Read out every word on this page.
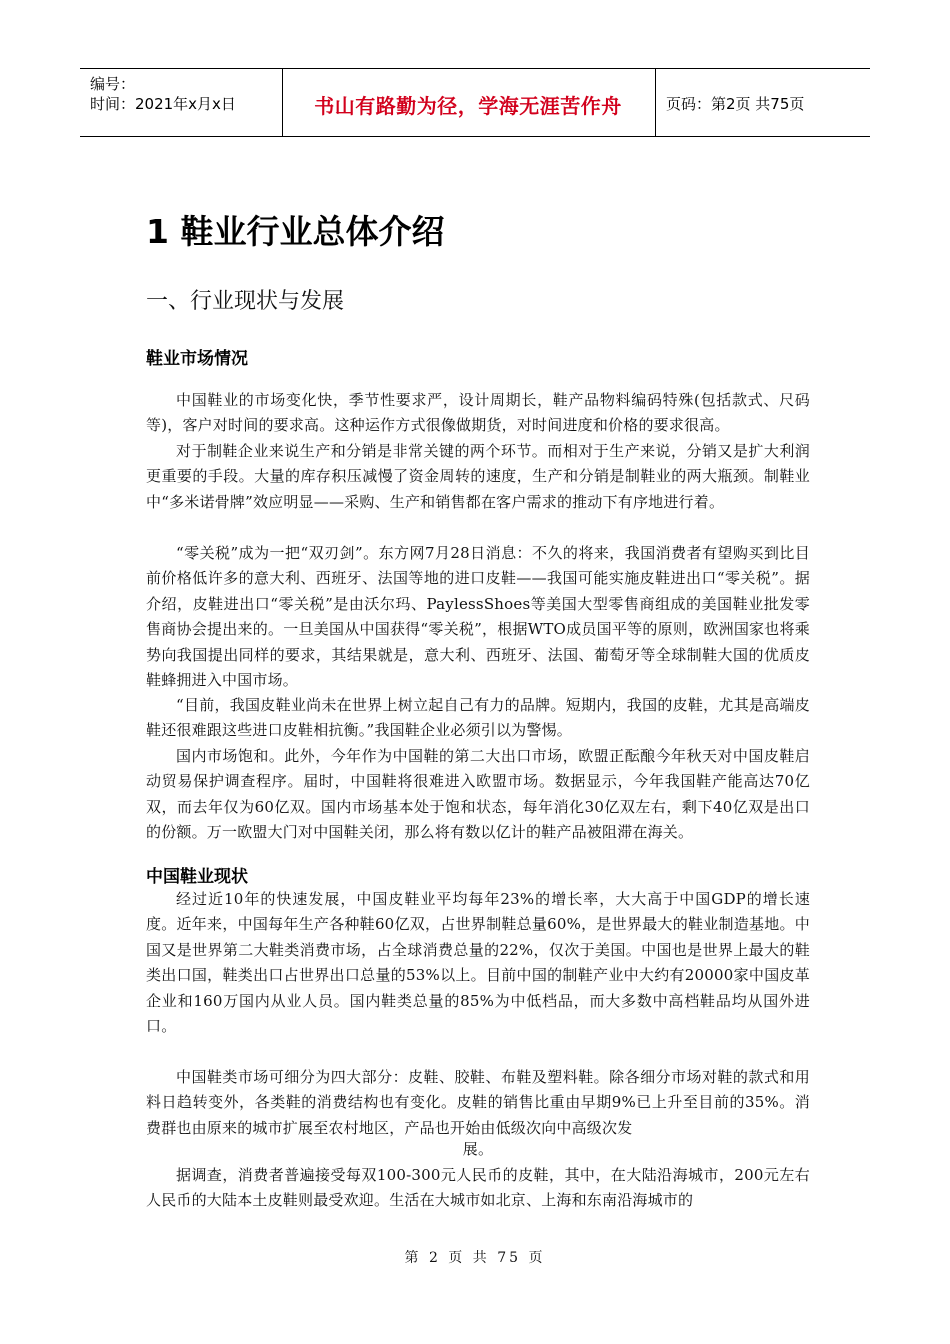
编号：
时间：2021年x月x日	书山有路勤为径，学海无涯苦作舟	页码：第2页 共75页
1 鞋业行业总体介绍
一、行业现状与发展
鞋业市场情况
中国鞋业的市场变化快，季节性要求严，设计周期长，鞋产品物料编码特殊(包括款式、尺码等)，客户对时间的要求高。这种运作方式很像做期货，对时间进度和价格的要求很高。
对于制鞋企业来说生产和分销是非常关键的两个环节。而相对于生产来说，分销又是扩大利润更重要的手段。大量的库存积压减慢了资金周转的速度，生产和分销是制鞋业的两大瓶颈。制鞋业中“多米诺骨牌”效应明显——采购、生产和销售都在客户需求的推动下有序地进行着。
“零关税”成为一把“双刃剑”。东方网7月28日消息：不久的将来，我国消费者有望购买到比目前价格低许多的意大利、西班牙、法国等地的进口皮鞋——我国可能实施皮鞋进出口“零关税”。据介绍，皮鞋进出口“零关税”是由沃尔玛、PaylessShoes等美国大型零售商组成的美国鞋业批发零售商协会提出来的。一旦美国从中国获得“零关税”，根据WTO成员国平等的原则，欧洲国家也将乘势向我国提出同样的要求，其结果就是，意大利、西班牙、法国、葡萄牙等全球制鞋大国的优质皮鞋蜂拥进入中国市场。
“目前，我国皮鞋业尚未在世界上树立起自己有力的品牌。短期内，我国的皮鞋，尤其是高端皮鞋还很难跟这些进口皮鞋相抗衡。”我国鞋企业必须引以为警惕。
国内市场饱和。此外，今年作为中国鞋的第二大出口市场，欧盟正酝酿今年秋天对中国皮鞋启动贸易保护调查程序。届时，中国鞋将很难进入欧盟市场。数据显示，今年我国鞋产能高达70亿双，而去年仅为60亿双。国内市场基本处于饱和状态，每年消化30亿双左右，剩下40亿双是出口的份额。万一欧盟大门对中国鞋关闭，那么将有数以亿计的鞋产品被阻滞在海关。
中国鞋业现状
经过近10年的快速发展，中国皮鞋业平均每年23%的增长率，大大高于中国GDP的增长速度。近年来，中国每年生产各种鞋60亿双，占世界制鞋总量60%，是世界最大的鞋业制造基地。中国又是世界第二大鞋类消费市场，占全球消费总量的22%，仅次于美国。中国也是世界上最大的鞋类出口国，鞋类出口占世界出口总量的53%以上。目前中国的制鞋产业中大约有20000家中国皮革企业和160万国内从业人员。国内鞋类总量的85%为中低档品，而大多数中高档鞋品均从国外进口。
中国鞋类市场可细分为四大部分：皮鞋、胶鞋、布鞋及塑料鞋。除各细分市场对鞋的款式和用料日趋转变外，各类鞋的消费结构也有变化。皮鞋的销售比重由早期9%已上升至目前的35%。消费群也由原来的城市扩展至农村地区，产品也开始由低级次向中高级次发
展。
据调查，消费者普遍接受每双100-300元人民币的皮鞋，其中，在大陆沿海城市，200元左右人民币的大陆本土皮鞋则最受欢迎。生活在大城市如北京、上海和东南沿海城市的
第 2 页 共 75 页
